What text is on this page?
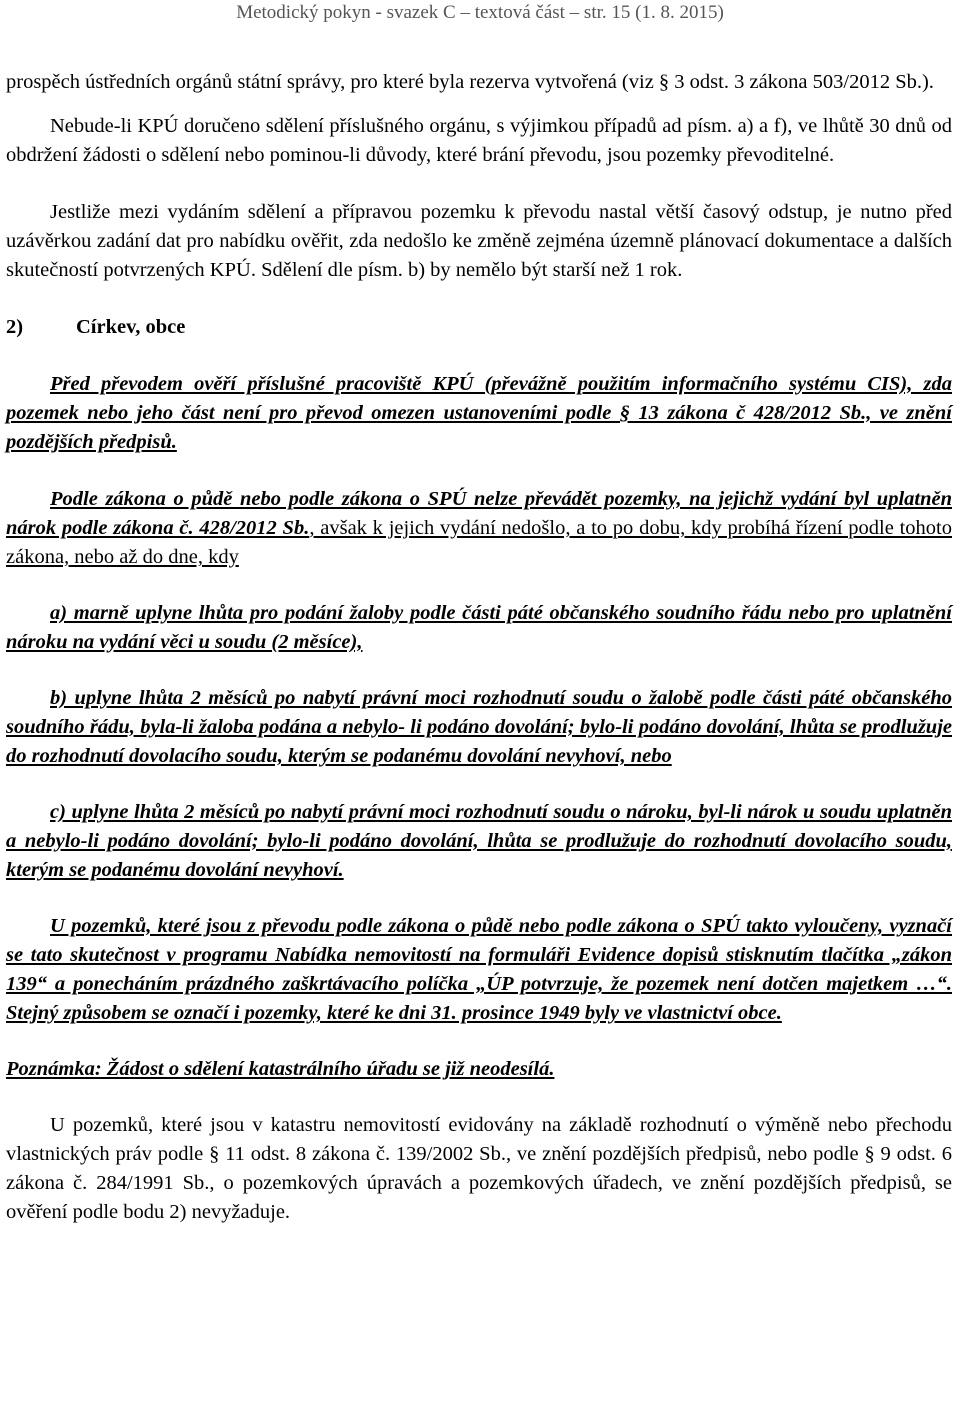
Metodický pokyn - svazek C – textová část – str. 15 (1. 8. 2015)

prospěch ústředních orgánů státní správy, pro které byla rezerva vytvořená (viz § 3 odst. 3 zákona 503/2012 Sb.).

Nebude-li KPÚ doručeno sdělení příslušného orgánu, s výjimkou případů ad písm. a) a f), ve lhůtě 30 dnů od obdržení žádosti o sdělení nebo pominou-li důvody, které brání převodu, jsou pozemky převoditelné.

Jestliže mezi vydáním sdělení a přípravou pozemku k převodu nastal větší časový odstup, je nutno před uzávěrkou zadání dat pro nabídku ověřit, zda nedošlo ke změně zejména územně plánovací dokumentace a dalších skutečností potvrzených KPÚ. Sdělení dle písm. b) by nemělo být starší než 1 rok.

2)	Církev, obce

Před převodem ověří příslušné pracoviště KPÚ (převážně použitím informačního systému CIS), zda pozemek nebo jeho část není pro převod omezen ustanoveními podle § 13 zákona č 428/2012 Sb., ve znění pozdějších předpisů.

Podle zákona o půdě nebo podle zákona o SPÚ nelze převádět pozemky, na jejichž vydání byl uplatněn nárok podle zákona č. 428/2012 Sb., avšak k jejich vydání nedošlo, a to po dobu, kdy probíhá řízení podle tohoto zákona, nebo až do dne, kdy

a) marně uplyne lhůta pro podání žaloby podle části páté občanského soudního řádu nebo pro uplatnění nároku na vydání věci u soudu (2 měsíce),

b) uplyne lhůta 2 měsíců po nabytí právní moci rozhodnutí soudu o žalobě podle části páté občanského soudního řádu, byla-li žaloba podána a nebylo- li podáno dovolání; bylo-li podáno dovolání, lhůta se prodlužuje do rozhodnutí dovolacího soudu, kterým se podanému dovolání nevyhoví, nebo

c) uplyne lhůta 2 měsíců po nabytí právní moci rozhodnutí soudu o nároku, byl-li nárok u soudu uplatněn a nebylo-li podáno dovolání; bylo-li podáno dovolání, lhůta se prodlužuje do rozhodnutí dovolacího soudu, kterým se podanému dovolání nevyhoví.

U pozemků, které jsou z převodu podle zákona o půdě nebo podle zákona o SPÚ takto vyloučeny, vyznačí se tato skutečnost v programu Nabídka nemovitostí na formuláři Evidence dopisů stisknutím tlačítka „zákon 139“ a ponecháním prázdného zaškrtávacího políčka „ÚP potvrzuje, že pozemek není dotčen majetkem …“. Stejný způsobem se označí i pozemky, které ke dni 31. prosince 1949 byly ve vlastnictví obce.

Poznámka: Žádost o sdělení katastrálního úřadu se již neodesílá.

U pozemků, které jsou v katastru nemovitostí evidovány na základě rozhodnutí o výměně nebo přechodu vlastnických práv podle § 11 odst. 8 zákona č. 139/2002 Sb., ve znění pozdějších předpisů, nebo podle § 9 odst. 6 zákona č. 284/1991 Sb., o pozemkových úpravách a pozemkových úřadech, ve znění pozdějších předpisů, se ověření podle bodu 2) nevyžaduje.
